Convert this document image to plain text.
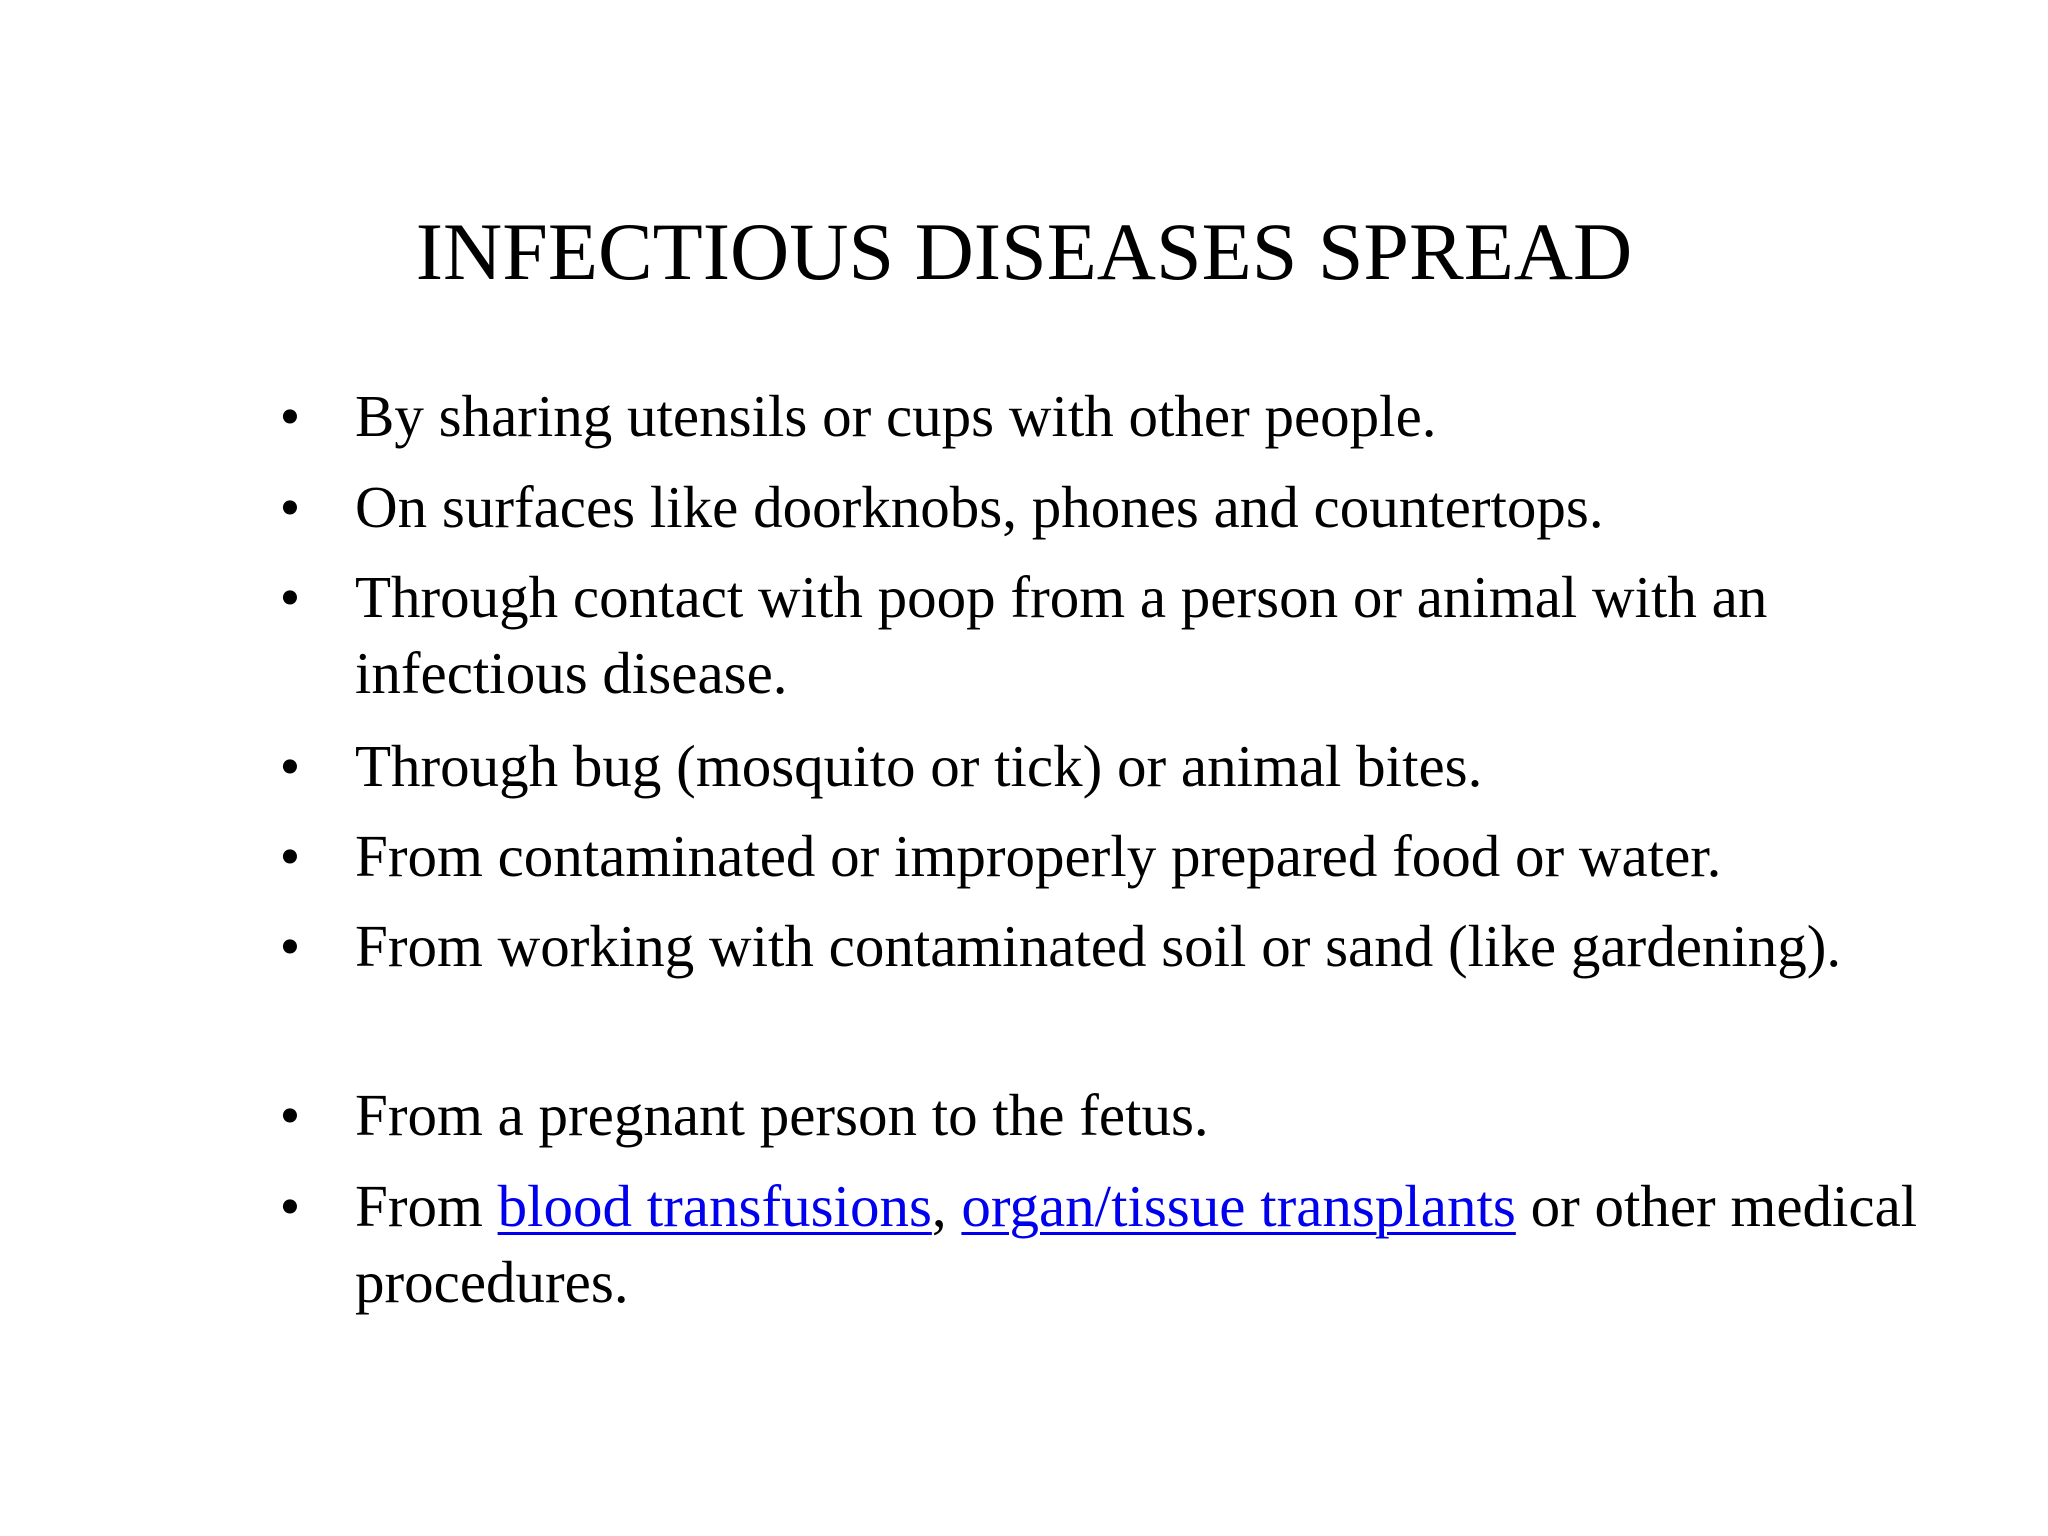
INFECTIOUS DISEASES SPREAD
• By sharing utensils or cups with other people.
• On surfaces like doorknobs, phones and countertops.
• Through contact with poop from a person or animal with an infectious disease.
• Through bug (mosquito or tick) or animal bites.
• From contaminated or improperly prepared food or water.
• From working with contaminated soil or sand (like gardening).
• From a pregnant person to the fetus.
• From blood transfusions, organ/tissue transplants or other medical procedures.
